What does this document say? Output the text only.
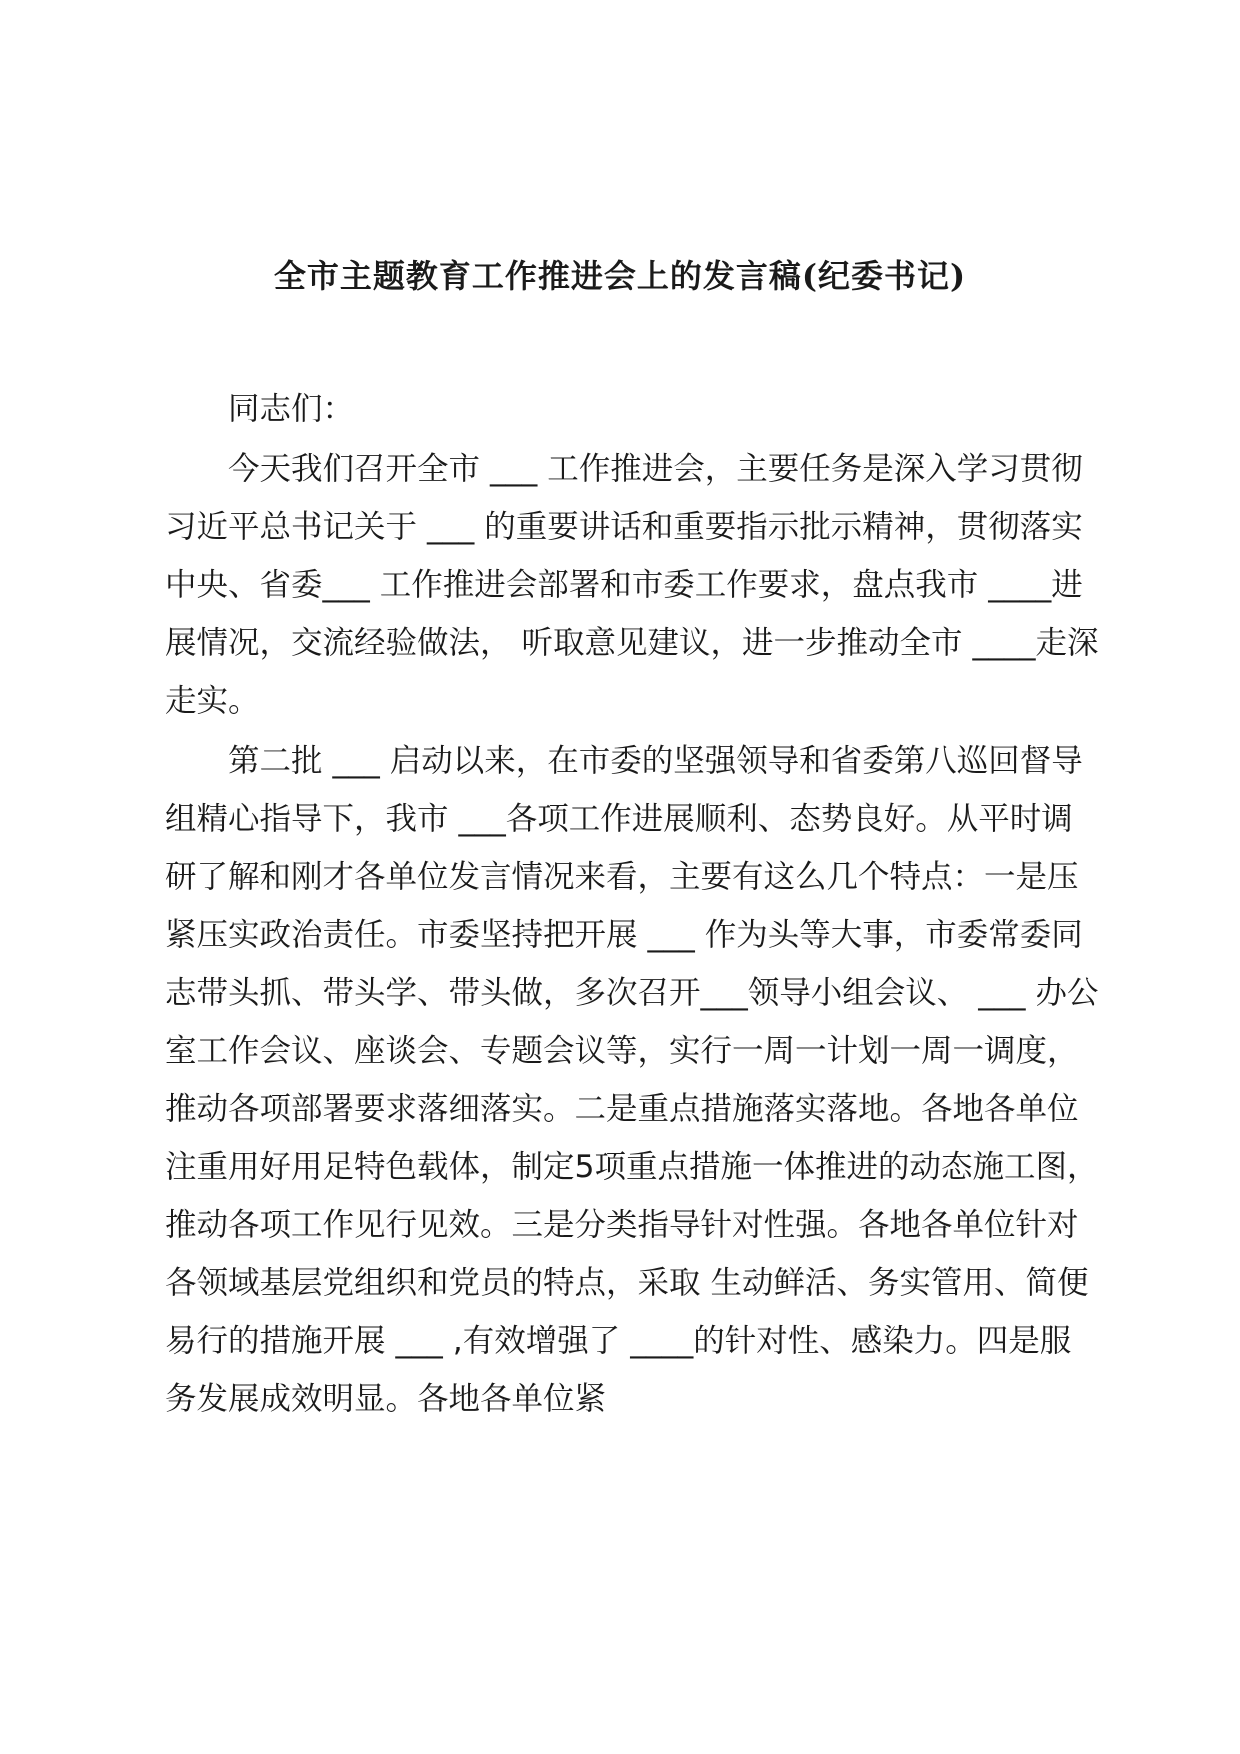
全市主题教育工作推进会上的发言稿(纪委书记)

同志们：

今天我们召开全市 ___ 工作推进会，主要任务是深入学习贯彻习近平总书记关于 ___ 的重要讲话和重要指示批示精神，贯彻落实中央、省委___ 工作推进会部署和市委工作要求，盘点我市 ____进展情况，交流经验做法， 听取意见建议，进一步推动全市 ____走深走实。

第二批 ___ 启动以来，在市委的坚强领导和省委第八巡回督导组精心指导下，我市 ___各项工作进展顺利、态势良好。从平时调研了解和刚才各单位发言情况来看，主要有这么几个特点：一是压紧压实政治责任。市委坚持把开展 ___ 作为头等大事，市委常委同志带头抓、带头学、带头做，多次召开___领导小组会议、 ___ 办公室工作会议、座谈会、专题会议等，实行一周一计划一周一调度，推动各项部署要求落细落实。二是重点措施落实落地。各地各单位注重用好用足特色载体，制定5项重点措施一体推进的动态施工图，推动各项工作见行见效。三是分类指导针对性强。各地各单位针对各领域基层党组织和党员的特点，采取 生动鲜活、务实管用、简便易行的措施开展 ___ ,有效增强了 ____的针对性、感染力。四是服务发展成效明显。各地各单位紧
